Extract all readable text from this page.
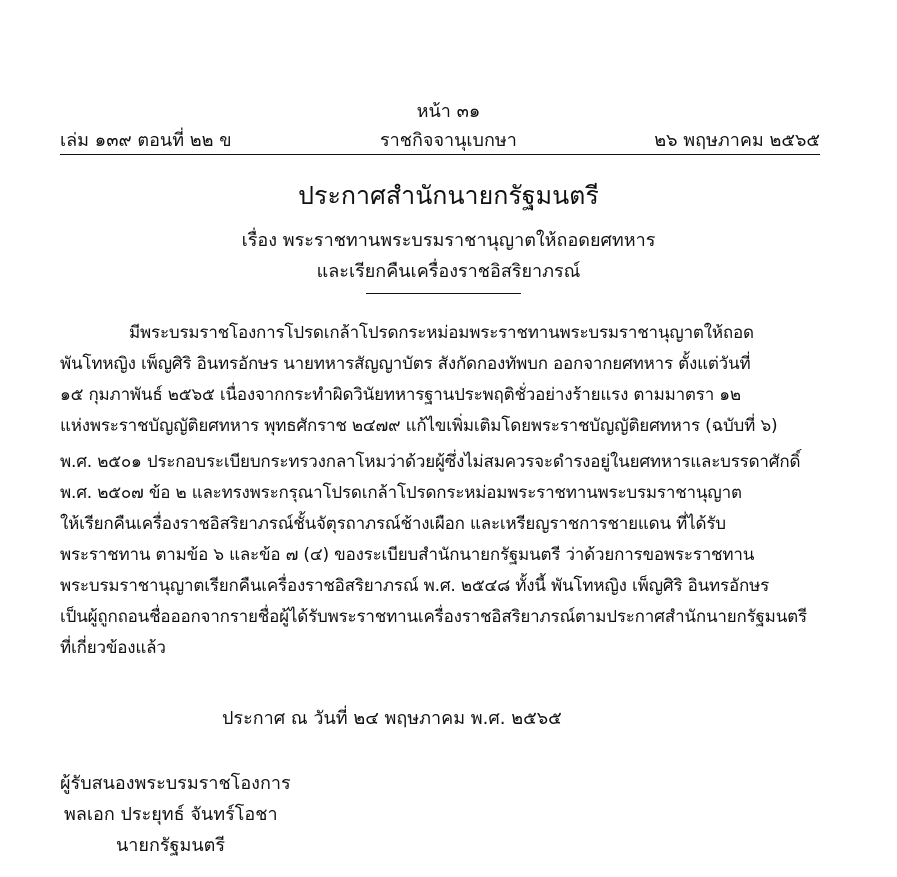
หน้า ๓๑
เล่ม ๑๓๙ ตอนที่ ๒๒ ข	ราชกิจจานุเบกษา	๒๖ พฤษภาคม ๒๕๖๕
ประกาศสำนักนายกรัฐมนตรี
เรื่อง พระราชทานพระบรมราชานุญาตให้ถอดยศทหาร
และเรียกคืนเครื่องราชอิสริยาภรณ์
มีพระบรมราชโองการโปรดเกล้าโปรดกระหม่อมพระราชทานพระบรมราชานุญาตให้ถอด
พันโทหญิง เพ็ญศิริ อินทรอักษร นายทหารสัญญาบัตร สังกัดกองทัพบก ออกจากยศทหาร ตั้งแต่วันที่
๑๕ กุมภาพันธ์ ๒๕๖๕ เนื่องจากกระทำผิดวินัยทหารฐานประพฤติชั่วอย่างร้ายแรง ตามมาตรา ๑๒
แห่งพระราชบัญญัติยศทหาร พุทธศักราช ๒๔๗๙ แก้ไขเพิ่มเติมโดยพระราชบัญญัติยศทหาร (ฉบับที่ ๖)
พ.ศ. ๒๕๐๑ ประกอบระเบียบกระทรวงกลาโหมว่าด้วยผู้ซึ่งไม่สมควรจะดำรงอยู่ในยศทหารและบรรดาศักดิ์
พ.ศ. ๒๕๐๗ ข้อ ๒ และทรงพระกรุณาโปรดเกล้าโปรดกระหม่อมพระราชทานพระบรมราชานุญาต
ให้เรียกคืนเครื่องราชอิสริยาภรณ์ชั้นจัตุรถาภรณ์ช้างเผือก และเหรียญราชการชายแดน ที่ได้รับ
พระราชทาน ตามข้อ ๖ และข้อ ๗ (๔) ของระเบียบสำนักนายกรัฐมนตรี ว่าด้วยการขอพระราชทาน
พระบรมราชานุญาตเรียกคืนเครื่องราชอิสริยาภรณ์ พ.ศ. ๒๕๔๘ ทั้งนี้ พันโทหญิง เพ็ญศิริ อินทรอักษร
เป็นผู้ถูกถอนชื่อออกจากรายชื่อผู้ได้รับพระราชทานเครื่องราชอิสริยาภรณ์ตามประกาศสำนักนายกรัฐมนตรี
ที่เกี่ยวข้องแล้ว
ประกาศ ณ วันที่ ๒๔ พฤษภาคม พ.ศ. ๒๕๖๕
ผู้รับสนองพระบรมราชโองการ
พลเอก ประยุทธ์ จันทร์โอชา
นายกรัฐมนตรี
